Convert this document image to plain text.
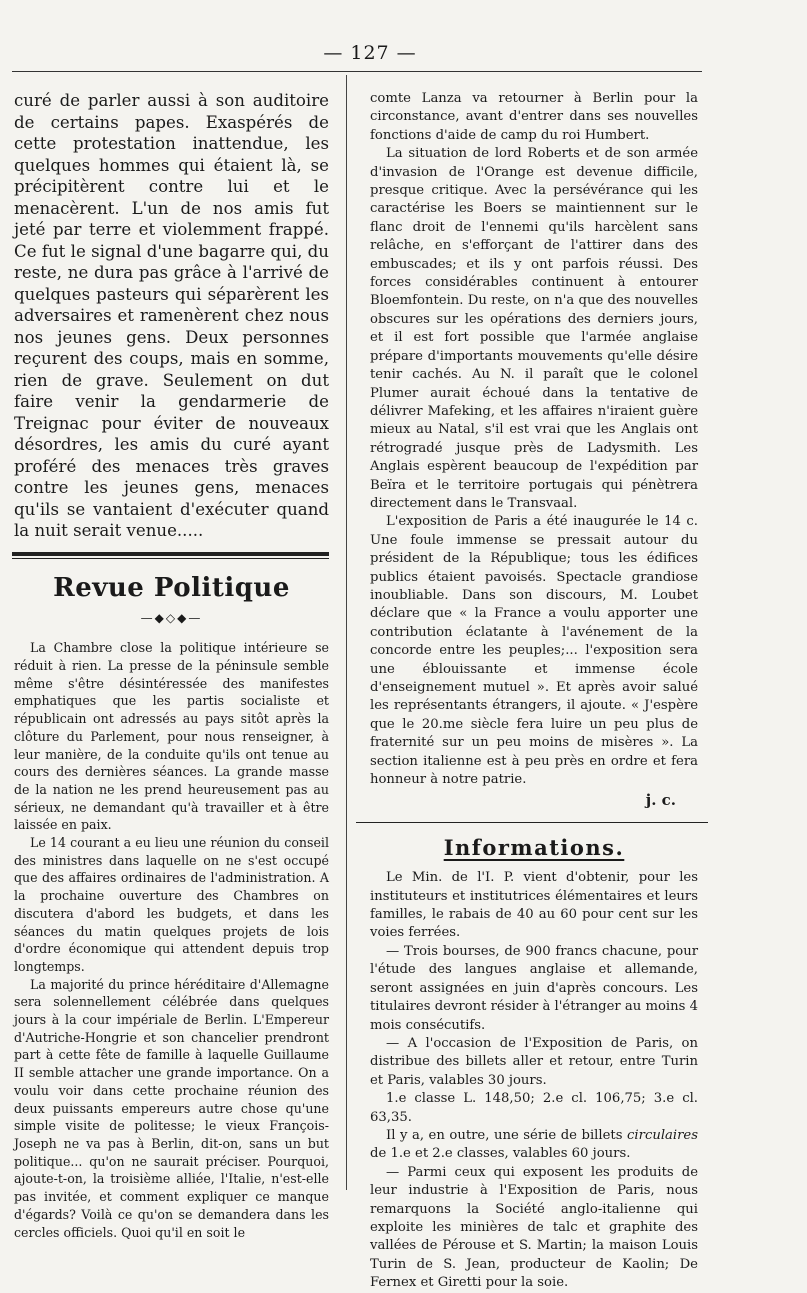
— 127 —

curé de parler aussi à son auditoire de certains papes. Exaspérés de cette protestation inattendue, les quelques hommes qui étaient là, se précipitèrent contre lui et le menacèrent. L'un de nos amis fut jeté par terre et violemment frappé. Ce fut le signal d'une bagarre qui, du reste, ne dura pas grâce à l'arrivé de quelques pasteurs qui séparèrent les adversaires et ramenèrent chez nous nos jeunes gens. Deux personnes reçurent des coups, mais en somme, rien de grave. Seulement on dut faire venir la gendarmerie de Treignac pour éviter de nouveaux désordres, les amis du curé ayant proféré des menaces très graves contre les jeunes gens, menaces qu'ils se vantaient d'exécuter quand la nuit serait venue.....

Revue Politique
—◆◇◆—

La Chambre close la politique intérieure se réduit à rien. La presse de la péninsule semble même s'être désintéressée des manifestes emphatiques que les partis socialiste et républicain ont adressés au pays sitôt après la clôture du Parlement, pour nous renseigner, à leur manière, de la conduite qu'ils ont tenue au cours des dernières séances. La grande masse de la nation ne les prend heureusement pas au sérieux, ne demandant qu'à travailler et à être laissée en paix.

Le 14 courant a eu lieu une réunion du conseil des ministres dans laquelle on ne s'est occupé que des affaires ordinaires de l'administration. A la prochaine ouverture des Chambres on discutera d'abord les budgets, et dans les séances du matin quelques projets de lois d'ordre économique qui attendent depuis trop longtemps.

La majorité du prince héréditaire d'Allemagne sera solennellement célébrée dans quelques jours à la cour impériale de Berlin. L'Empereur d'Autriche-Hongrie et son chancelier prendront part à cette fête de famille à laquelle Guillaume II semble attacher une grande importance. On a voulu voir dans cette prochaine réunion des deux puissants empereurs autre chose qu'une simple visite de politesse; le vieux François-Joseph ne va pas à Berlin, dit-on, sans un but politique... qu'on ne saurait préciser. Pourquoi, ajoute-t-on, la troisième alliée, l'Italie, n'est-elle pas invitée, et comment expliquer ce manque d'égards? Voilà ce qu'on se demandera dans les cercles officiels. Quoi qu'il en soit le

comte Lanza va retourner à Berlin pour la circonstance, avant d'entrer dans ses nouvelles fonctions d'aide de camp du roi Humbert.

La situation de lord Roberts et de son armée d'invasion de l'Orange est devenue difficile, presque critique. Avec la persévérance qui les caractérise les Boers se maintiennent sur le flanc droit de l'ennemi qu'ils harcèlent sans relâche, en s'efforçant de l'attirer dans des embuscades; et ils y ont parfois réussi. Des forces considérables continuent à entourer Bloemfontein. Du reste, on n'a que des nouvelles obscures sur les opérations des derniers jours, et il est fort possible que l'armée anglaise prépare d'importants mouvements qu'elle désire tenir cachés. Au N. il paraît que le colonel Plumer aurait échoué dans la tentative de délivrer Mafeking, et les affaires n'iraient guère mieux au Natal, s'il est vrai que les Anglais ont rétrogradé jusque près de Ladysmith. Les Anglais espèrent beaucoup de l'expédition par Beïra et le territoire portugais qui pénètrera directement dans le Transvaal.

L'exposition de Paris a été inaugurée le 14 c. Une foule immense se pressait autour du président de la République; tous les édifices publics étaient pavoisés. Spectacle grandiose inoubliable. Dans son discours, M. Loubet déclare que « la France a voulu apporter une contribution éclatante à l'avénement de la concorde entre les peuples;... l'exposition sera une éblouissante et immense école d'enseignement mutuel ». Et après avoir salué les représentants étrangers, il ajoute. « J'espère que le 20.me siècle fera luire un peu plus de fraternité sur un peu moins de misères ». La section italienne est à peu près en ordre et fera honneur à notre patrie.

j. c.
Informations.

Le Min. de l'I. P. vient d'obtenir, pour les instituteurs et institutrices élémentaires et leurs familles, le rabais de 40 au 60 pour cent sur les voies ferrées.

— Trois bourses, de 900 francs chacune, pour l'étude des langues anglaise et allemande, seront assignées en juin d'après concours. Les titulaires devront résider à l'étranger au moins 4 mois consécutifs.

— A l'occasion de l'Exposition de Paris, on distribue des billets aller et retour, entre Turin et Paris, valables 30 jours.

1.e classe L. 148,50; 2.e cl. 106,75; 3.e cl. 63,35.

Il y a, en outre, une série de billets circulaires de 1.e et 2.e classes, valables 60 jours.

— Parmi ceux qui exposent les produits de leur industrie à l'Exposition de Paris, nous remarquons la Société anglo-italienne qui exploite les minières de talc et graphite des vallées de Pérouse et S. Martin; la maison Louis Turin de S. Jean, producteur de Kaolin; De Fernex et Giretti pour la soie.
